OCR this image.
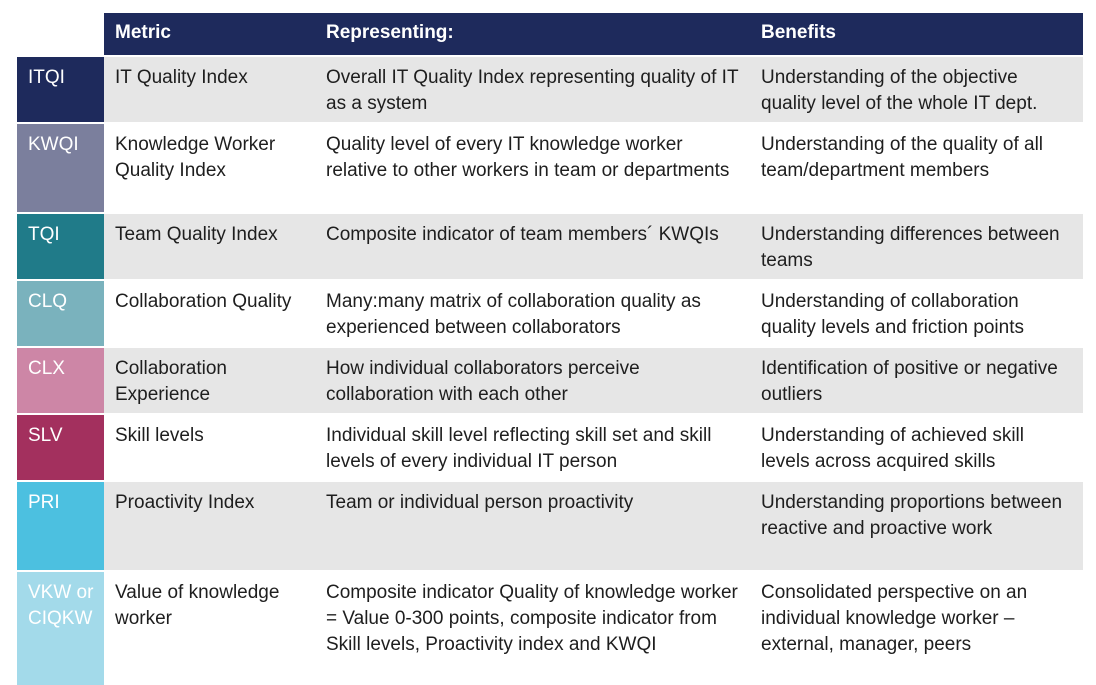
	Metric	Representing:	Benefits
ITQI	IT Quality Index	Overall IT Quality Index representing quality of IT as a system	Understanding of the objective quality level of the whole IT dept.
KWQI	Knowledge Worker Quality Index	Quality level of every IT knowledge worker relative to other workers in team or departments	Understanding of the quality of all team/department members
TQI	Team Quality Index	Composite indicator of team members´ KWQIs	Understanding differences between teams
CLQ	Collaboration Quality	Many:many matrix of collaboration quality as experienced between collaborators	Understanding of collaboration quality levels and friction points
CLX	Collaboration Experience	How individual collaborators perceive collaboration with each other	Identification of positive or negative outliers
SLV	Skill levels	Individual skill level reflecting skill set and skill levels of every individual IT person	Understanding of achieved skill levels across acquired skills
PRI	Proactivity Index	Team or individual person proactivity	Understanding proportions between reactive and proactive work
VKW or CIQKW	Value of knowledge worker	Composite indicator Quality of knowledge worker = Value 0-300 points, composite indicator from Skill levels, Proactivity index and KWQI	Consolidated perspective on an individual knowledge worker – external, manager, peers
